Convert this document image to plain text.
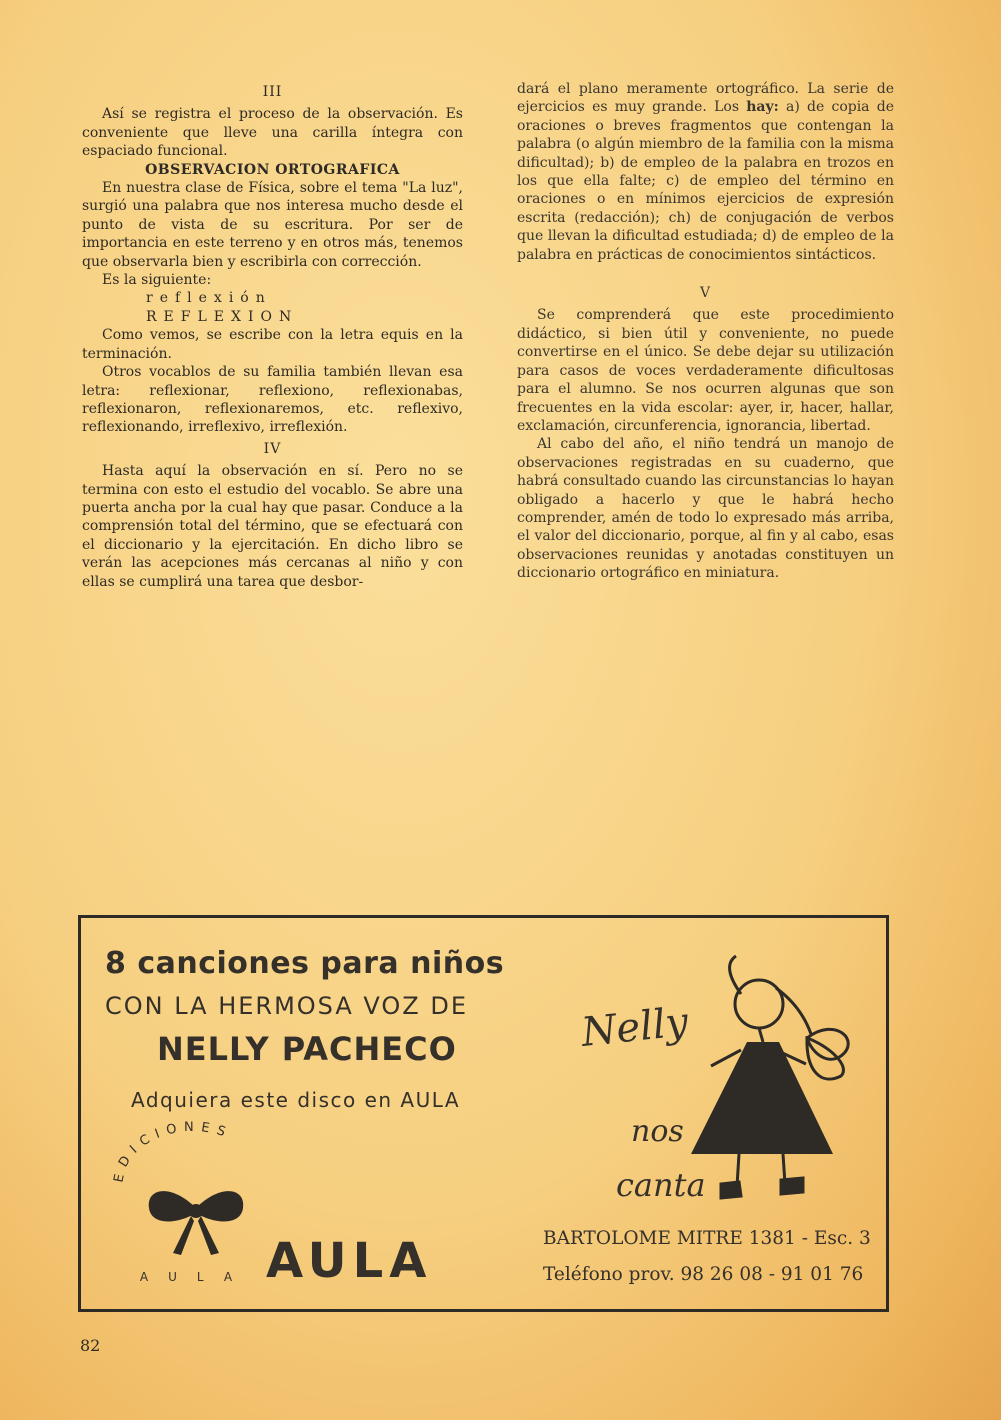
III

Así se registra el proceso de la observación. Es conveniente que lleve una carilla íntegra con espaciado funcional.

OBSERVACION ORTOGRAFICA

En nuestra clase de Física, sobre el tema "La luz", surgió una palabra que nos interesa mucho desde el punto de vista de su escritura. Por ser de importancia en este terreno y en otros más, tenemos que observarla bien y escribirla con corrección.

Es la siguiente:

reflexión

REFLEXION

Como vemos, se escribe con la letra equis en la terminación.

Otros vocablos de su familia también llevan esa letra: reflexionar, reflexiono, reflexionabas, reflexionaron, reflexionaremos, etc. reflexivo, reflexionando, irreflexivo, irreflexión.

IV

Hasta aquí la observación en sí. Pero no se termina con esto el estudio del vocablo. Se abre una puerta ancha por la cual hay que pasar. Conduce a la comprensión total del término, que se efectuará con el diccionario y la ejercitación. En dicho libro se verán las acepciones más cercanas al niño y con ellas se cumplirá una tarea que desbor-

dará el plano meramente ortográfico. La serie de ejercicios es muy grande. Los hay: a) de copia de oraciones o breves fragmentos que contengan la palabra (o algún miembro de la familia con la misma dificultad); b) de empleo de la palabra en trozos en los que ella falte; c) de empleo del término en oraciones o en mínimos ejercicios de expresión escrita (redacción); ch) de conjugación de verbos que llevan la dificultad estudiada; d) de empleo de la palabra en prácticas de conocimientos sintácticos.

V

Se comprenderá que este procedimiento didáctico, si bien útil y conveniente, no puede convertirse en el único. Se debe dejar su utilización para casos de voces verdaderamente dificultosas para el alumno. Se nos ocurren algunas que son frecuentes en la vida escolar: ayer, ir, hacer, hallar, exclamación, circunferencia, ignorancia, libertad.

Al cabo del año, el niño tendrá un manojo de observaciones registradas en su cuaderno, que habrá consultado cuando las circunstancias lo hayan obligado a hacerlo y que le habrá hecho comprender, amén de todo lo expresado más arriba, el valor del diccionario, porque, al fin y al cabo, esas observaciones reunidas y anotadas constituyen un diccionario ortográfico en miniatura.

8 canciones para niños
CON LA HERMOSA VOZ DE
NELLY PACHECO
Adquiera este disco en AULA
EDICIONES
AULA AULA
Nelly
nos
canta
BARTOLOME MITRE 1381 - Esc. 3
Teléfono prov. 98 26 08 - 91 01 76
82
